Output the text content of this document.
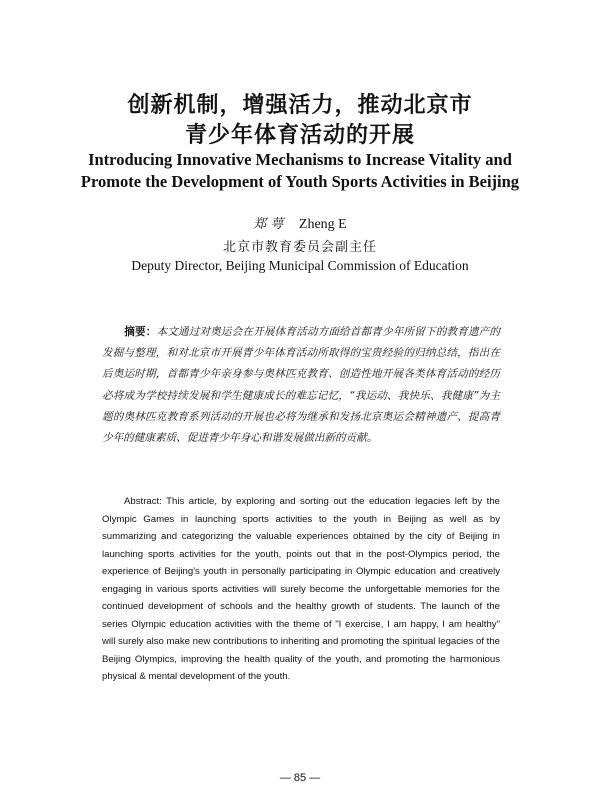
创新机制，增强活力，推动北京市
青少年体育活动的开展
Introducing Innovative Mechanisms to Increase Vitality and
Promote the Development of Youth Sports Activities in Beijing
郑 萼 Zheng E
北京市教育委员会副主任
Deputy Director, Beijing Municipal Commission of Education
摘要：本文通过对奥运会在开展体育活动方面给首都青少年所留下的教育遗产的发掘与整理，和对北京市开展青少年体育活动所取得的宝贵经验的归纳总结，指出在后奥运时期，首都青少年亲身参与奥林匹克教育、创造性地开展各类体育活动的经历必将成为学校持续发展和学生健康成长的难忘记忆，“我运动、我快乐、我健康”为主题的奥林匹克教育系列活动的开展也必将为继承和发扬北京奥运会精神遗产、提高青少年的健康素质、促进青少年身心和谐发展做出新的贡献。
Abstract: This article, by exploring and sorting out the education legacies left by the Olympic Games in launching sports activities to the youth in Beijing as well as by summarizing and categorizing the valuable experiences obtained by the city of Beijing in launching sports activities for the youth, points out that in the post-Olympics period, the experience of Beijing's youth in personally participating in Olympic education and creatively engaging in various sports activities will surely become the unforgettable memories for the continued development of schools and the healthy growth of students. The launch of the series Olympic education activities with the theme of "I exercise, I am happy, I am healthy" will surely also make new contributions to inheriting and promoting the spiritual legacies of the Beijing Olympics, improving the health quality of the youth, and promoting the harmonious physical & mental development of the youth.
— 85 —
